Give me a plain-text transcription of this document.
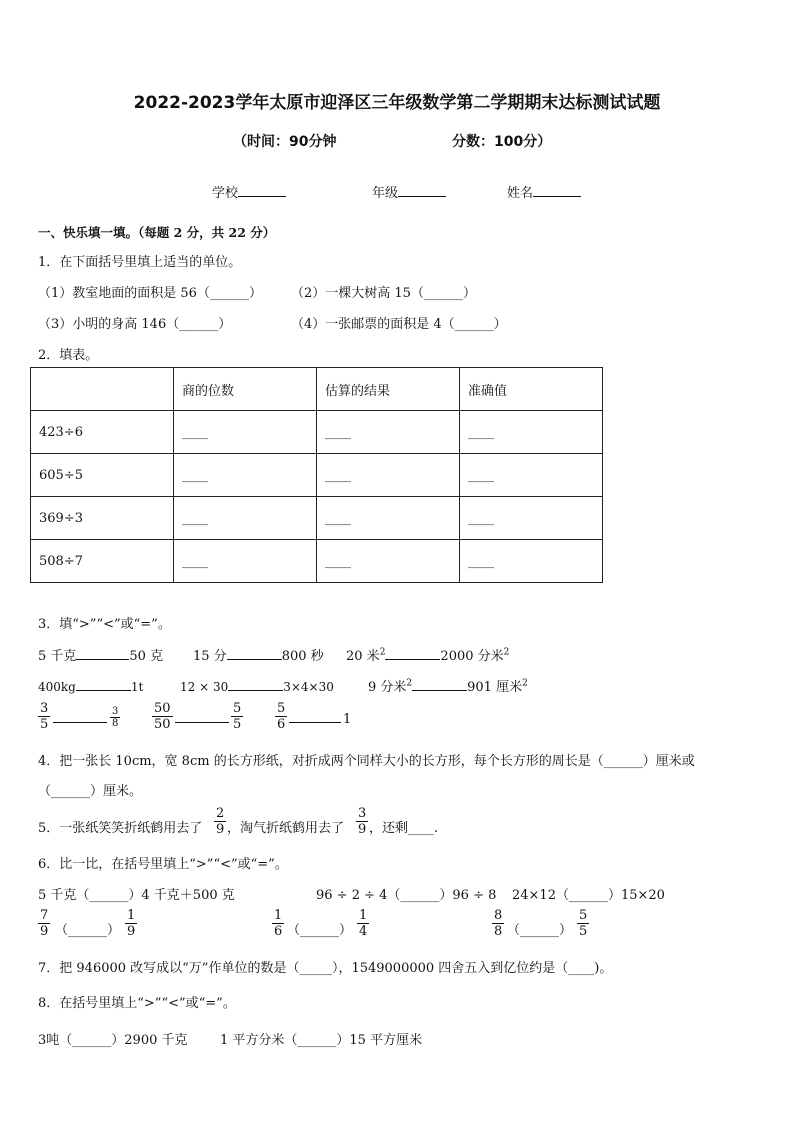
2022-2023学年太原市迎泽区三年级数学第二学期期末达标测试试题
（时间：90分钟	分数：100分）
学校	年级	姓名
一、快乐填一填。（每题 2 分，共 22 分）
1．在下面括号里填上适当的单位。
（1）教室地面的面积是 56（______） （2）一棵大树高 15（______）
（3）小明的身高 146（______）	（4）一张邮票的面积是 4（______）
2．填表。
	商的位数	估算的结果	准确值
423÷6	____	____	____
605÷5	____	____	____
369÷3	____	____	____
508÷7	____	____	____
3．填“>”“<”或“=”。
5 千克	50 克 15 分	800 秒 20 米$^2$	2000 分米$^2$
400kg	1t	12 × 30	3×4×30	9 分米$^2$	901 厘米$^2$
$\frac{3}{5}$	$\frac{3}{8} \frac{50}{50}$	$\frac{5}{5} \frac{5}{6}$	1
4．把一张长 10cm，宽 8cm 的长方形纸，对折成两个同样大小的长方形，每个长方形的周长是（______）厘米或
（______）厘米。
5．一张纸笑笑折纸鹤用去了 $\frac{2}{9}$ ，淘气折纸鹤用去了 $\frac{3}{9}$ ，还剩____.
6．比一比，在括号里填上“>”“<”或“=”。
5 千克（______）4 千克＋500 克	96 ÷ 2 ÷ 4（______）96 ÷ 8 24×12（______）15×20
$\frac{7}{9}$ （______） $\frac{1}{9}$	$\frac{1}{6}$ （______） $\frac{1}{4}$	$\frac{8}{8}$ （______） $\frac{5}{5}$
7．把 946000 改写成以“万”作单位的数是（_____），1549000000 四舍五入到亿位约是（____)。
8．在括号里填上“>”“<”或“=”。
3吨（______）2900 千克	1 平方分米（______）15 平方厘米
